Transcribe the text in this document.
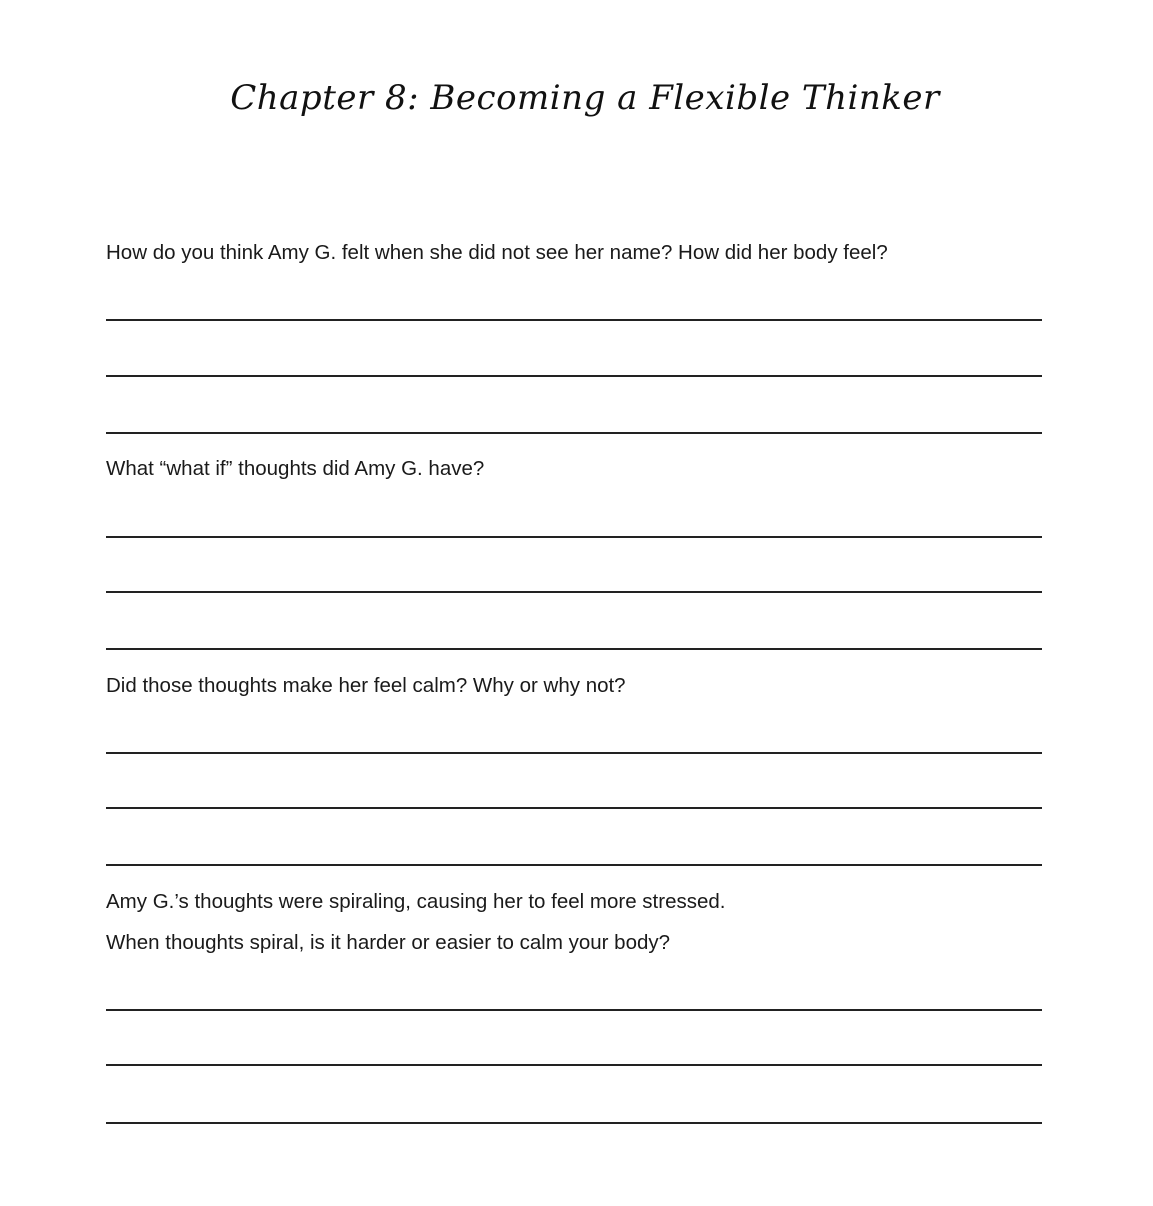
Chapter 8: Becoming a Flexible Thinker
How do you think Amy G. felt when she did not see her name? How did her body feel?
What “what if” thoughts did Amy G. have?
Did those thoughts make her feel calm? Why or why not?
Amy G.’s thoughts were spiraling, causing her to feel more stressed.
When thoughts spiral, is it harder or easier to calm your body?
